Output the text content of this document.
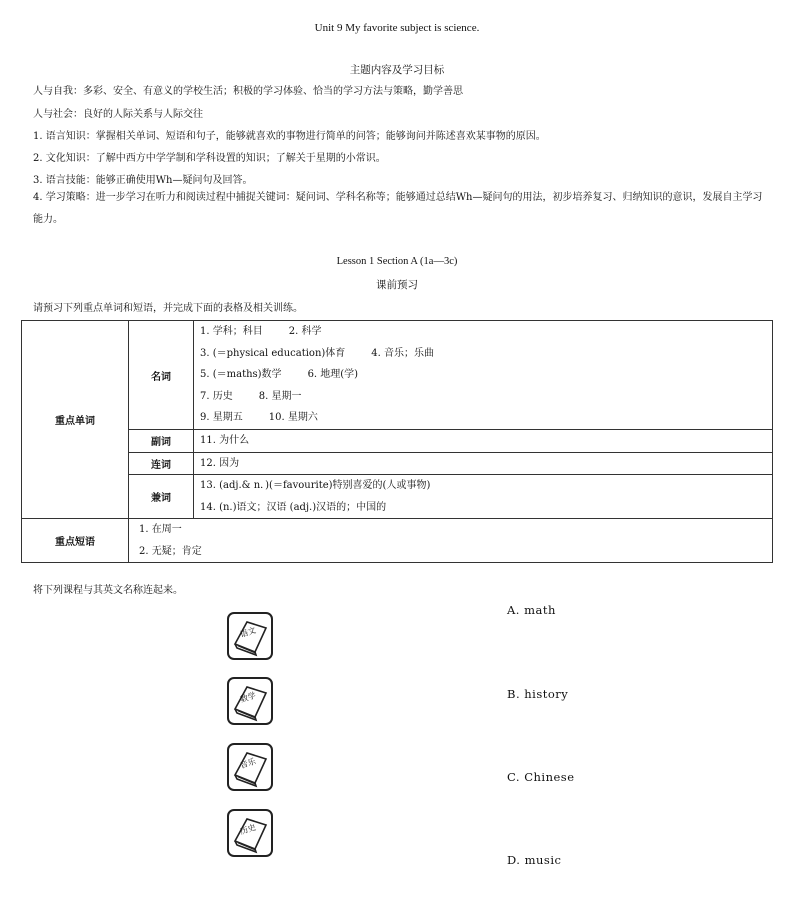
Unit 9 My favorite subject is science.
主题内容及学习目标
人与自我：多彩、安全、有意义的学校生活；积极的学习体验、恰当的学习方法与策略，勤学善思
人与社会：良好的人际关系与人际交往
1. 语言知识：掌握相关单词、短语和句子，能够就喜欢的事物进行简单的问答；能够询问并陈述喜欢某事物的原因。
2. 文化知识：了解中西方中学学制和学科设置的知识；了解关于星期的小常识。
3. 语言技能：能够正确使用Wh—疑问句及回答。
4. 学习策略：进一步学习在听力和阅读过程中捕捉关键词：疑问词、学科名称等；能够通过总结Wh—疑问句的用法，初步培养复习、归纳知识的意识，发展自主学习能力。
Lesson 1 Section A (1a—3c)
课前预习
请预习下列重点单词和短语，并完成下面的表格及相关训练。
重点单词	名词	1. 学科；科目 2. 科学
3. (＝physical education)体育 4. 音乐；乐曲
5. (＝maths)数学 6. 地理(学)
7. 历史 8. 星期一
9. 星期五 10. 星期六

	副词	11. 为什么

	连词	12. 因为

	兼词	13. (adj.& n．)(＝favourite)特别喜爱的(人或事物)
14. (n.)语文；汉语 (adj.)汉语的；中国的

重点短语	1. 在周一
2. 无疑；肯定	
将下列课程与其英文名称连起来。
语文
数学
音乐
历史
A. math
B. history
C. Chinese
D. music
